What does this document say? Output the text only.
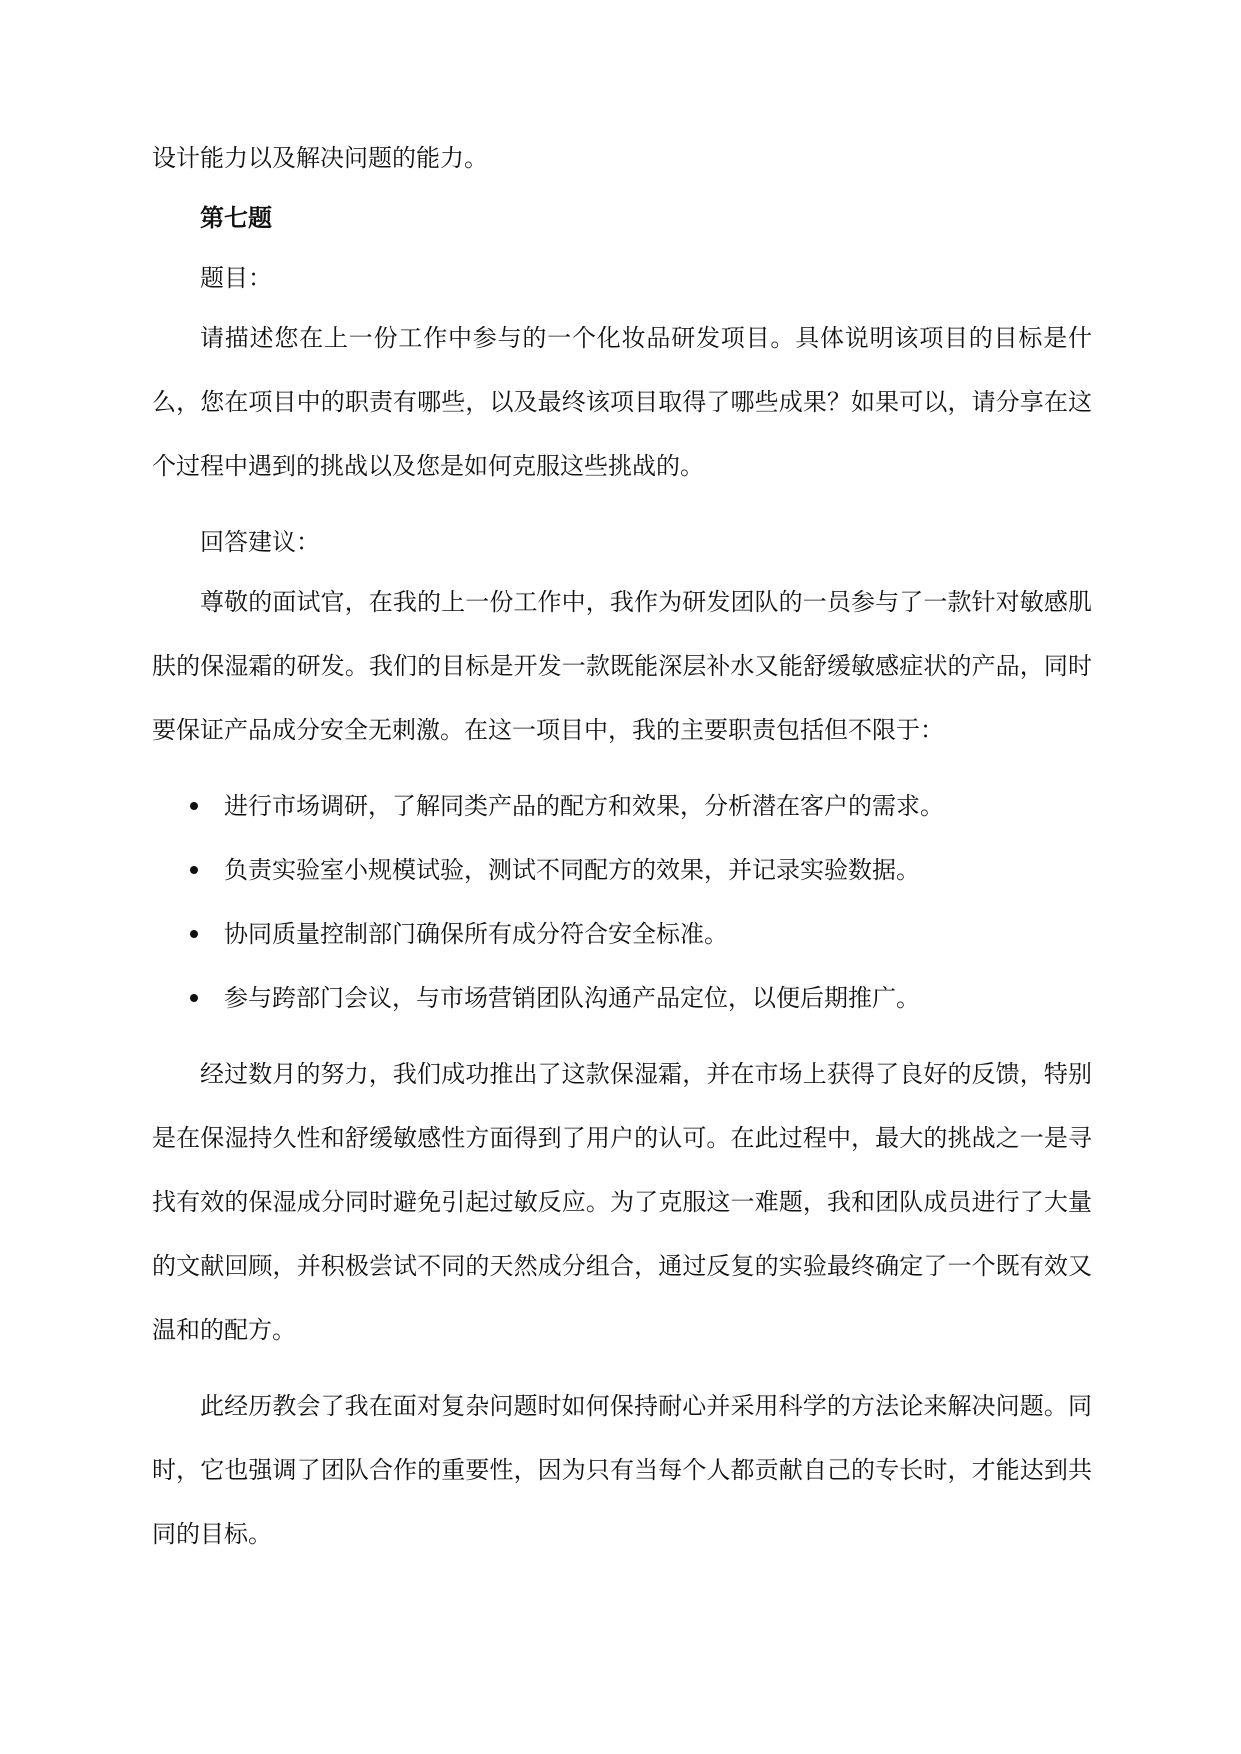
设计能力以及解决问题的能力。

第七题

题目：

请描述您在上一份工作中参与的一个化妆品研发项目。具体说明该项目的目标是什么，您在项目中的职责有哪些，以及最终该项目取得了哪些成果？如果可以，请分享在这个过程中遇到的挑战以及您是如何克服这些挑战的。

回答建议：

尊敬的面试官，在我的上一份工作中，我作为研发团队的一员参与了一款针对敏感肌肤的保湿霜的研发。我们的目标是开发一款既能深层补水又能舒缓敏感症状的产品，同时要保证产品成分安全无刺激。在这一项目中，我的主要职责包括但不限于：

进行市场调研，了解同类产品的配方和效果，分析潜在客户的需求。
负责实验室小规模试验，测试不同配方的效果，并记录实验数据。
协同质量控制部门确保所有成分符合安全标准。
参与跨部门会议，与市场营销团队沟通产品定位，以便后期推广。

经过数月的努力，我们成功推出了这款保湿霜，并在市场上获得了良好的反馈，特别是在保湿持久性和舒缓敏感性方面得到了用户的认可。在此过程中，最大的挑战之一是寻找有效的保湿成分同时避免引起过敏反应。为了克服这一难题，我和团队成员进行了大量的文献回顾，并积极尝试不同的天然成分组合，通过反复的实验最终确定了一个既有效又温和的配方。

此经历教会了我在面对复杂问题时如何保持耐心并采用科学的方法论来解决问题。同时，它也强调了团队合作的重要性，因为只有当每个人都贡献自己的专长时，才能达到共同的目标。
